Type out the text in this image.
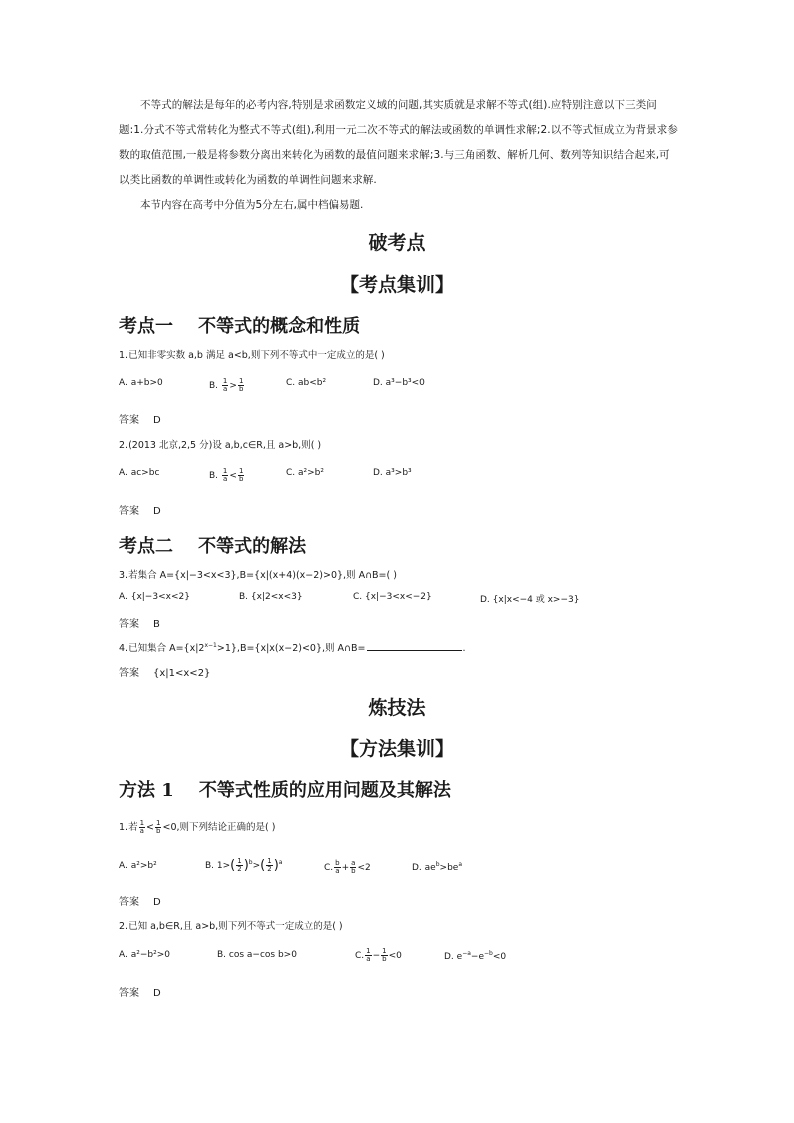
不等式的解法是每年的必考内容,特别是求函数定义域的问题,其实质就是求解不等式(组).应特别注意以下三类问题:1.分式不等式常转化为整式不等式(组),利用一元二次不等式的解法或函数的单调性求解;2.以不等式恒成立为背景求参数的取值范围,一般是将参数分离出来转化为函数的最值问题来求解;3.与三角函数、解析几何、数列等知识结合起来,可以类比函数的单调性或转化为函数的单调性问题来求解.

本节内容在高考中分值为5分左右,属中档偏易题.

破考点
【考点集训】
考点一    不等式的概念和性质

1.已知非零实数 a,b 满足 a<b,则下列不等式中一定成立的是( )

A. a+b>0	B. $\frac{1}{a} > \frac{1}{b}$	C. ab<b²	D. a³−b³<0

答案 D

2.(2013 北京,2,5 分)设 a,b,c∈R,且 a>b,则( )

A. ac>bc	B. $\frac{1}{a} < \frac{1}{b}$	C. a²>b²	D. a³>b³

答案 D

考点二    不等式的解法

3.若集合 A={x|−3<x<3},B={x|(x+4)(x−2)>0},则 A∩B=( )

A. {x|−3<x<2}	B. {x|2<x<3}	C. {x|−3<x<−2}	D. {x|x<−4 或 x>−3}

答案 B

4.已知集合 $A=\{x|2^{x-1}>1\},B=\{x|x(x-2)<0\}$,则 A∩B=	.

答案 {x|1<x<2}

炼技法
【方法集训】
方法 1    不等式性质的应用问题及其解法

1.若 $\frac{1}{a} < \frac{1}{b} <0$,则下列结论正确的是( )

A. a²>b²	B. $1>( \frac{1}{2} )^b>( \frac{1}{2} )^a$
C. $\frac{b}{a} + \frac{a}{b} <2$	D. $ae^b>be^a$

答案 D

2.已知 a,b∈R,且 a>b,则下列不等式一定成立的是( )

A. a²−b²>0	B. cos a−cos b>0	C. $\frac{1}{a} - \frac{1}{b} <0$	D. $e^{-a}-e^{-b}<0$

答案 D
